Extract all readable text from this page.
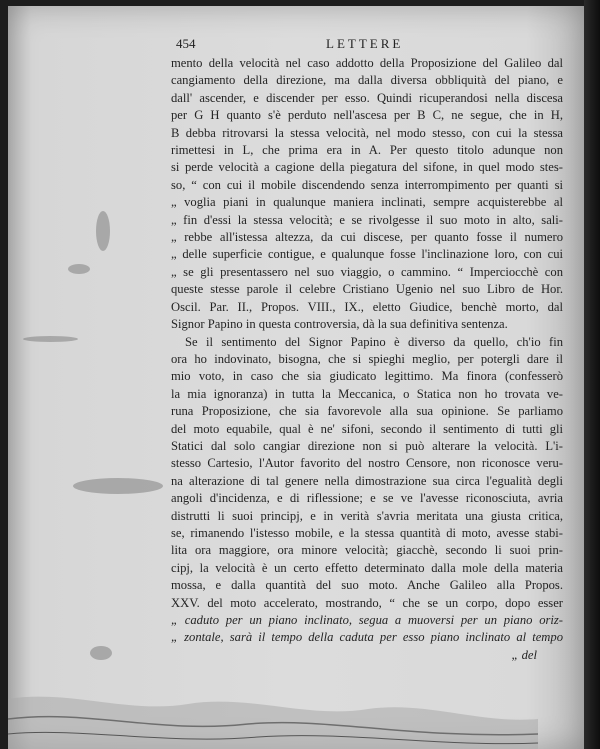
454	LETTERE
mento della velocità nel caso addotto della Proposizione del Galileo dal
cangiamento della direzione, ma dalla diversa obbliquità del piano, e
dall' ascender, e discender per esso. Quindi ricuperandosi nella discesa
per G H quanto s'è perduto nell'ascesa per B C, ne segue, che in H,
B debba ritrovarsi la stessa velocità, nel modo stesso, con cui la stessa
rimettesi in L, che prima era in A. Per questo titolo adunque non
si perde velocità a cagione della piegatura del sifone, in quel modo stes-
so, “ con cui il mobile discendendo senza interrompimento per quanti si
„ voglia piani in qualunque maniera inclinati, sempre acquisterebbe al
„ fin d'essi la stessa velocità; e se rivolgesse il suo moto in alto, sali-
„ rebbe all'istessa altezza, da cui discese, per quanto fosse il numero
„ delle superficie contigue, e qualunque fosse l'inclinazione loro, con cui
„ se gli presentassero nel suo viaggio, o cammino. “ Imperciocchè con
queste stesse parole il celebre Cristiano Ugenio nel suo Libro de Hor.
Oscil. Par. II., Propos. VIII., IX., eletto Giudice, benchè morto, dal
Signor Papino in questa controversia, dà la sua definitiva sentenza.
Se il sentimento del Signor Papino è diverso da quello, ch'io fin
ora ho indovinato, bisogna, che si spieghi meglio, per potergli dare il
mio voto, in caso che sia giudicato legittimo. Ma finora (confesserò
la mia ignoranza) in tutta la Meccanica, o Statica non ho trovata ve-
runa Proposizione, che sia favorevole alla sua opinione. Se parliamo
del moto equabile, qual è ne' sifoni, secondo il sentimento di tutti gli
Statici dal solo cangiar direzione non si può alterare la velocità. L'i-
stesso Cartesio, l'Autor favorito del nostro Censore, non riconosce veru-
na alterazione di tal genere nella dimostrazione sua circa l'egualità degli
angoli d'incidenza, e di riflessione; e se ve l'avesse riconosciuta, avria
distrutti li suoi principj, e in verità s'avria meritata una giusta critica,
se, rimanendo l'istesso mobile, e la stessa quantità di moto, avesse stabi-
lita ora maggiore, ora minore velocità; giacchè, secondo li suoi prin-
cipj, la velocità è un certo effetto determinato dalla mole della materia
mossa, e dalla quantità del suo moto. Anche Galileo alla Propos.
XXV. del moto accelerato, mostrando, “ che se un corpo, dopo esser
„ caduto per un piano inclinato, segua a muoversi per un piano oriz-
„ zontale, sarà il tempo della caduta per esso piano inclinato al tempo
„ del
